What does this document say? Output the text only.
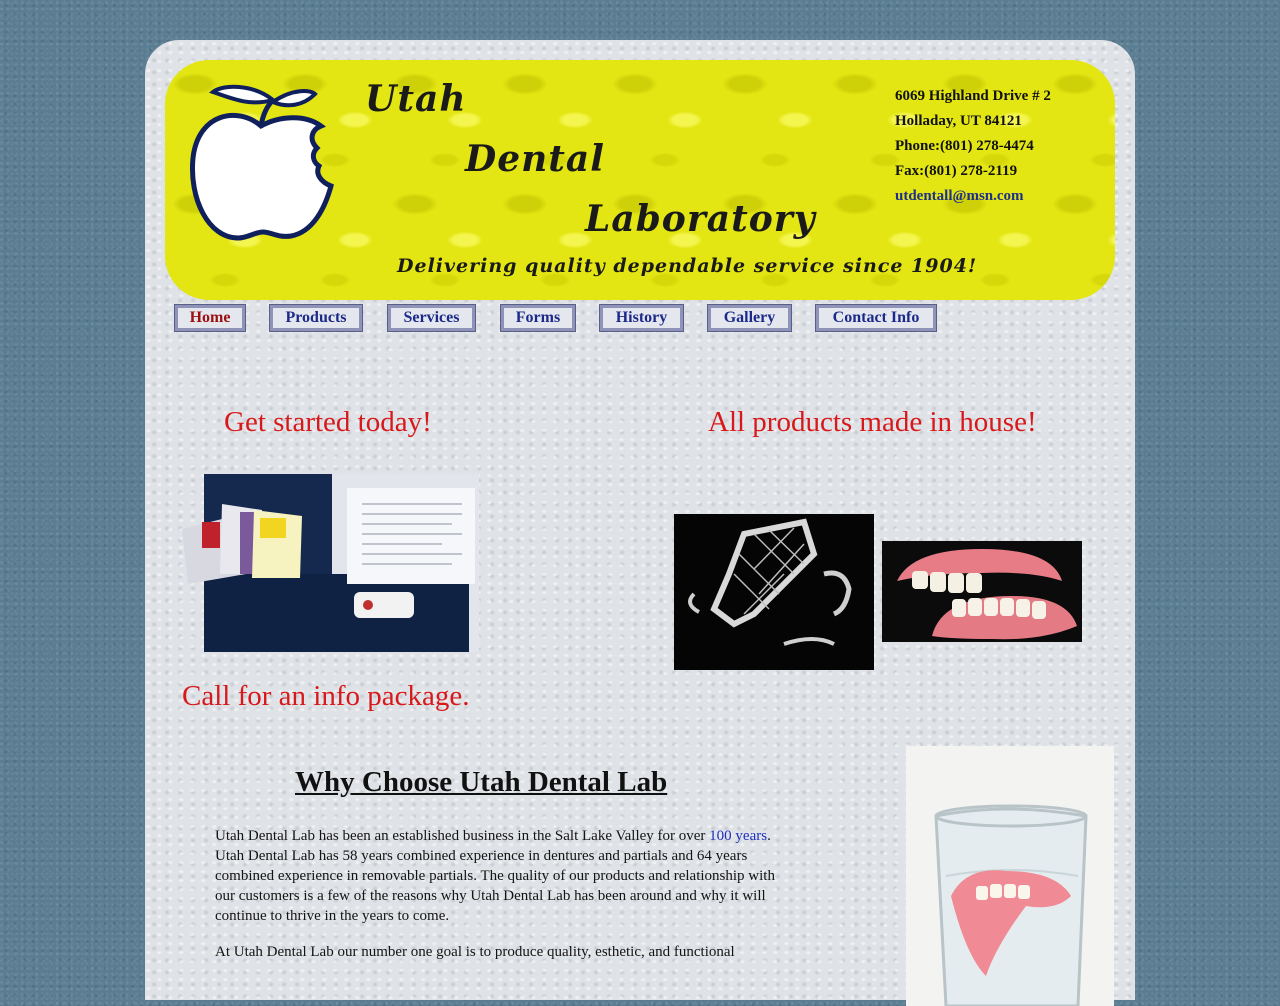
Utah
Dental
Laboratory
Delivering quality dependable service since 1904!
6069 Highland Drive # 2
Holladay, UT 84121
Phone:(801) 278-4474
Fax:(801) 278-2119
utdentall@msn.com
Home	Products	Services	Forms	History	Gallery	Contact Info
Get started today!	All products made in house!
Call for an info package.
Why Choose Utah Dental Lab
Utah Dental Lab has been an established business in the Salt Lake Valley for over 100 years. Utah Dental Lab has 58 years combined experience in dentures and partials and 64 years combined experience in removable partials. The quality of our products and relationship with our customers is a few of the reasons why Utah Dental Lab has been around and why it will continue to thrive in the years to come.
At Utah Dental Lab our number one goal is to produce quality, esthetic, and functional
